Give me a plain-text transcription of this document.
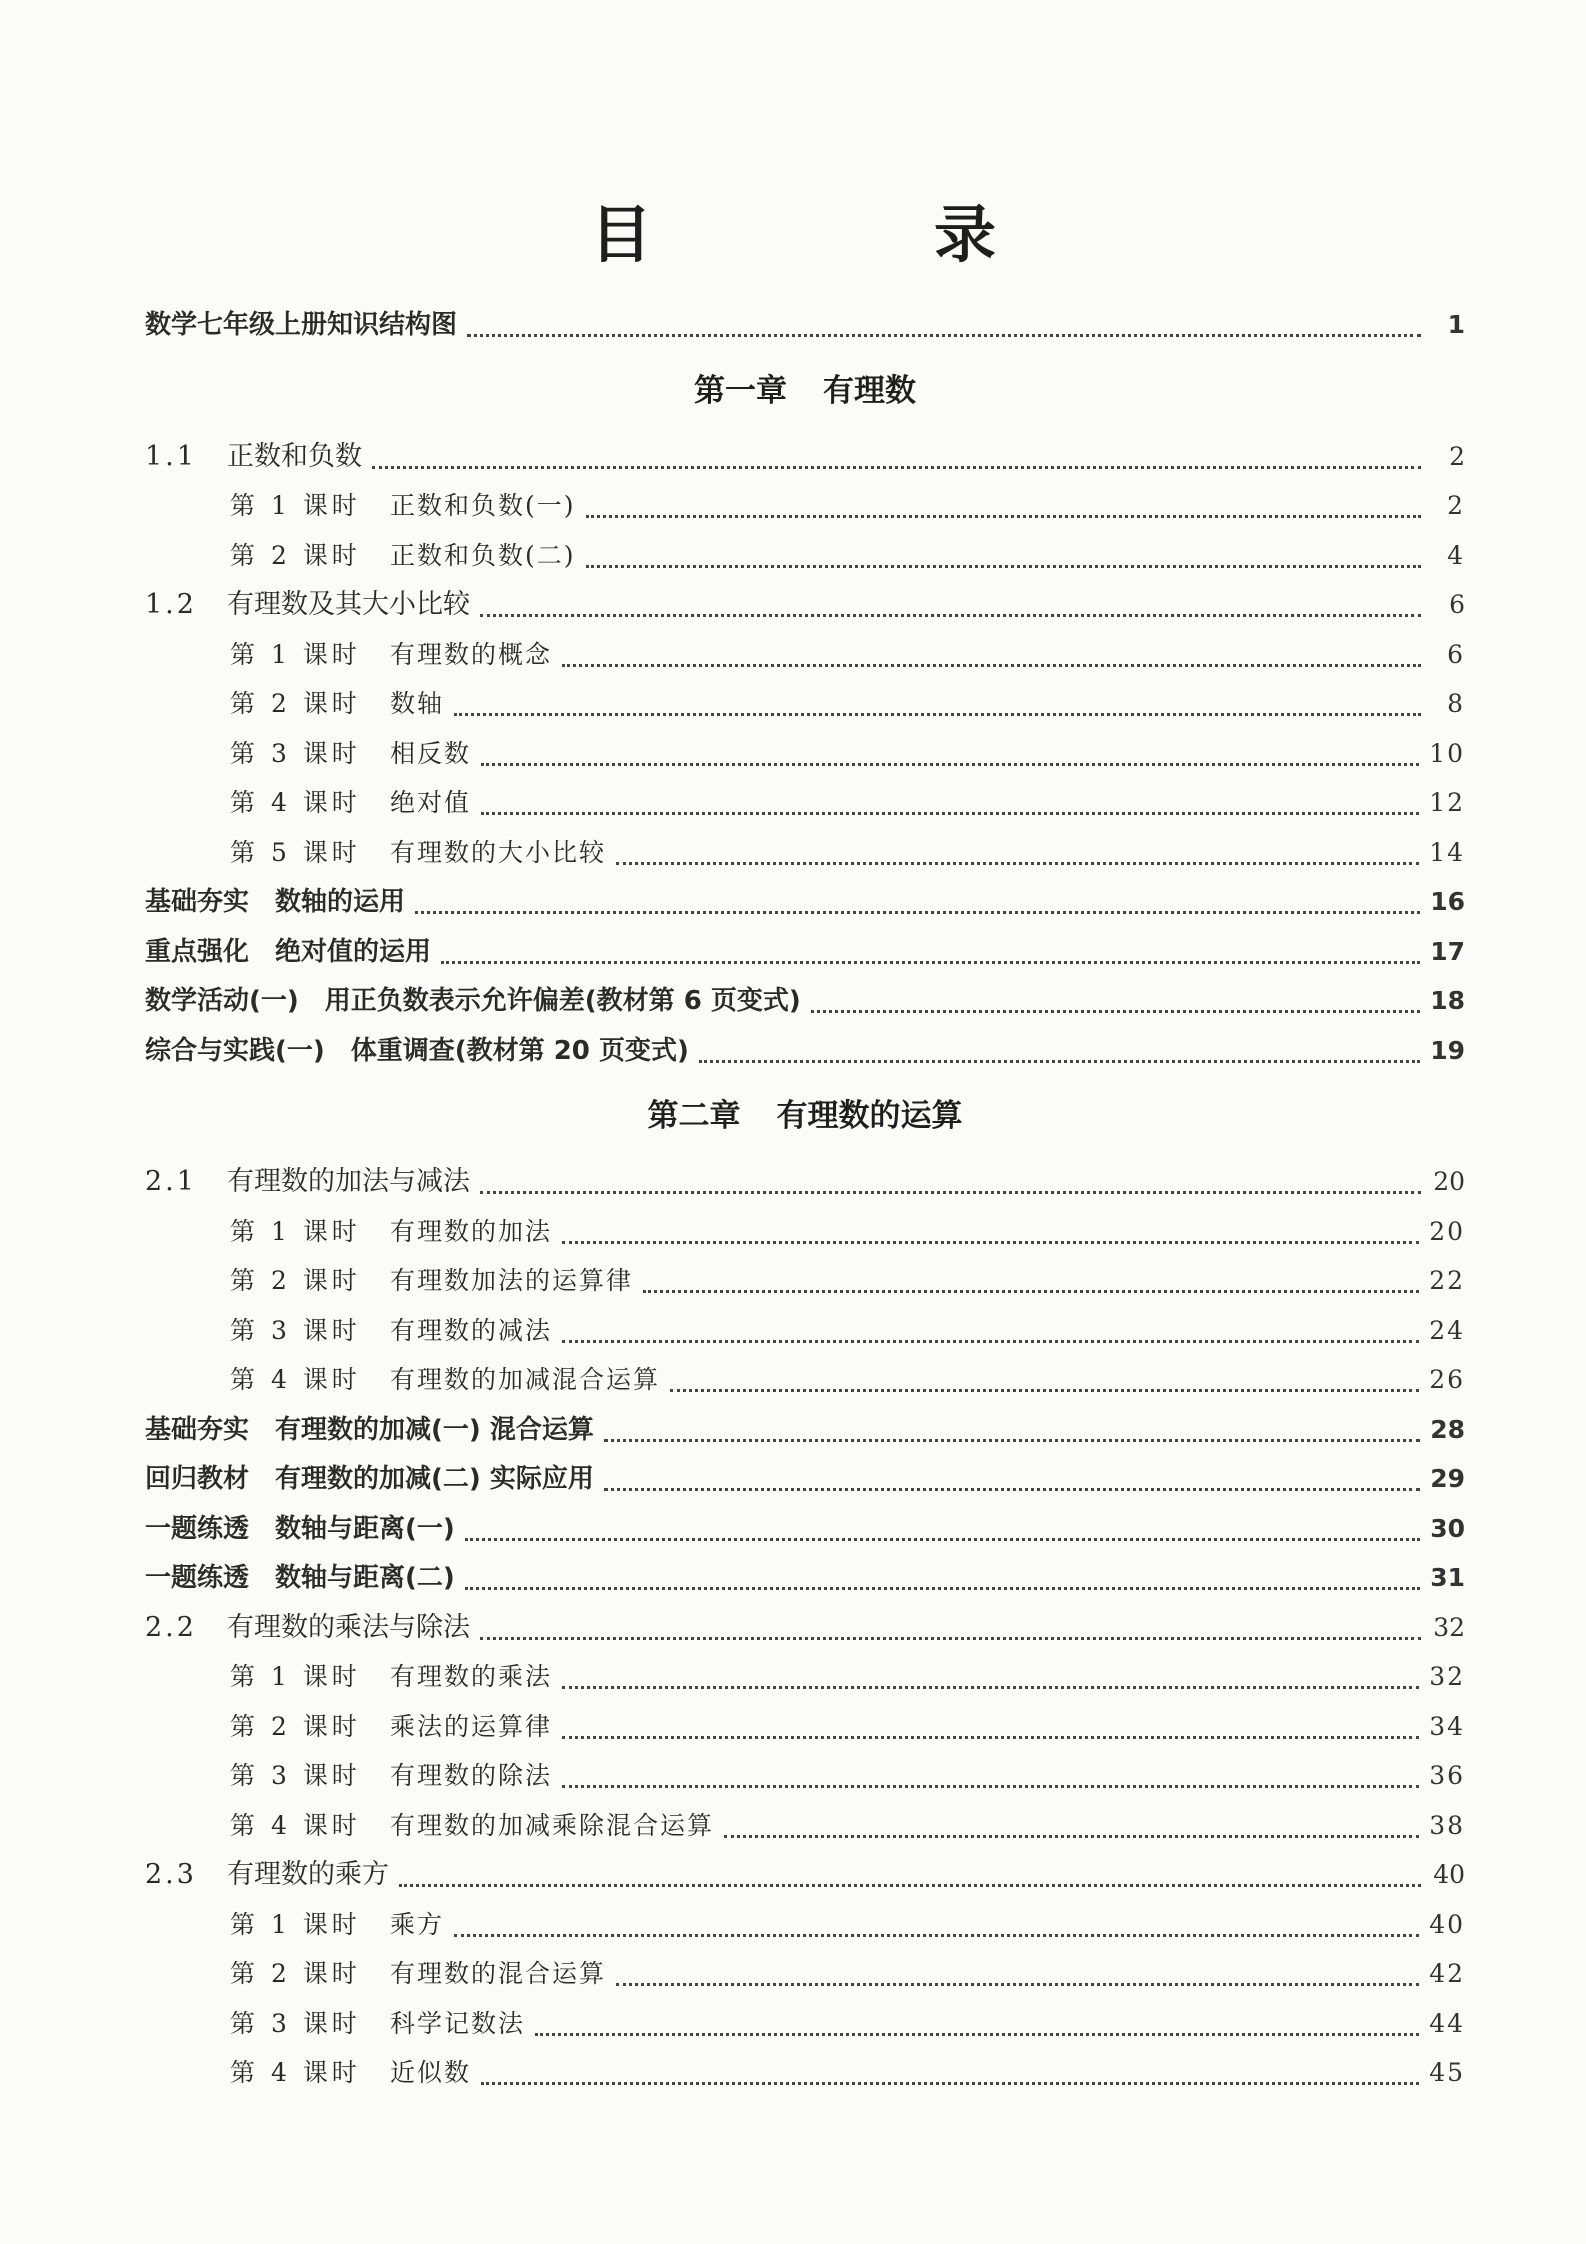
目　录
数学七年级上册知识结构图	1
第一章 有理数
1.1 正数和负数	2
第 1 课时 正数和负数(一)	2
第 2 课时 正数和负数(二)	4
1.2 有理数及其大小比较	6
第 1 课时 有理数的概念	6
第 2 课时 数轴	8
第 3 课时 相反数	10
第 4 课时 绝对值	12
第 5 课时 有理数的大小比较	14
基础夯实 数轴的运用	16
重点强化 绝对值的运用	17
数学活动(一) 用正负数表示允许偏差(教材第 6 页变式)	18
综合与实践(一) 体重调查(教材第 20 页变式)	19
第二章 有理数的运算
2.1 有理数的加法与减法	20
第 1 课时 有理数的加法	20
第 2 课时 有理数加法的运算律	22
第 3 课时 有理数的减法	24
第 4 课时 有理数的加减混合运算	26
基础夯实 有理数的加减(一) 混合运算	28
回归教材 有理数的加减(二) 实际应用	29
一题练透 数轴与距离(一)	30
一题练透 数轴与距离(二)	31
2.2 有理数的乘法与除法	32
第 1 课时 有理数的乘法	32
第 2 课时 乘法的运算律	34
第 3 课时 有理数的除法	36
第 4 课时 有理数的加减乘除混合运算	38
2.3 有理数的乘方	40
第 1 课时 乘方	40
第 2 课时 有理数的混合运算	42
第 3 课时 科学记数法	44
第 4 课时 近似数	45
